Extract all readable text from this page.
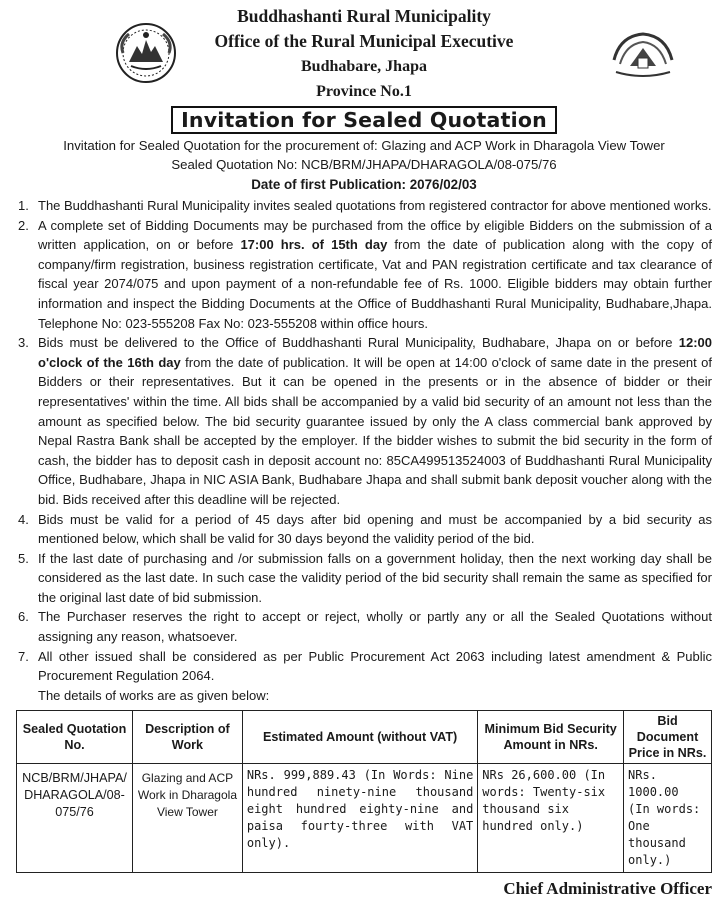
Buddhashanti Rural Municipality
Office of the Rural Municipal Executive
Budhabare, Jhapa
Province No.1
Invitation for Sealed Quotation
Invitation for Sealed Quotation for the procurement of: Glazing and ACP Work in Dharagola View Tower
Sealed Quotation No: NCB/BRM/JHAPA/DHARAGOLA/08-075/76
Date of first Publication: 2076/02/03
1. The Buddhashanti Rural Municipality invites sealed quotations from registered contractor for above mentioned works.
2. A complete set of Bidding Documents may be purchased from the office by eligible Bidders on the submission of a written application, on or before 17:00 hrs. of 15th day from the date of publication along with the copy of company/firm registration, business registration certificate, Vat and PAN registration certificate and tax clearance of fiscal year 2074/075 and upon payment of a non-refundable fee of Rs. 1000. Eligible bidders may obtain further information and inspect the Bidding Documents at the Office of Buddhashanti Rural Municipality, Budhabare,Jhapa. Telephone No: 023-555208 Fax No: 023-555208 within office hours.
3. Bids must be delivered to the Office of Buddhashanti Rural Municipality, Budhabare, Jhapa on or before 12:00 o'clock of the 16th day from the date of publication. It will be open at 14:00 o'clock of same date in the present of Bidders or their representatives. But it can be opened in the presents or in the absence of bidder or their representatives' within the time. All bids shall be accompanied by a valid bid security of an amount not less than the amount as specified below. The bid security guarantee issued by only the A class commercial bank approved by Nepal Rastra Bank shall be accepted by the employer. If the bidder wishes to submit the bid security in the form of cash, the bidder has to deposit cash in deposit account no: 85CA499513524003 of Buddhashanti Rural Municipality Office, Budhabare, Jhapa in NIC ASIA Bank, Budhabare Jhapa and shall submit bank deposit voucher along with the bid. Bids received after this deadline will be rejected.
4. Bids must be valid for a period of 45 days after bid opening and must be accompanied by a bid security as mentioned below, which shall be valid for 30 days beyond the validity period of the bid.
5. If the last date of purchasing and /or submission falls on a government holiday, then the next working day shall be considered as the last date. In such case the validity period of the bid security shall remain the same as specified for the original last date of bid submission.
6. The Purchaser reserves the right to accept or reject, wholly or partly any or all the Sealed Quotations without assigning any reason, whatsoever.
7. All other issued shall be considered as per Public Procurement Act 2063 including latest amendment & Public Procurement Regulation 2064.
The details of works are as given below:
Sealed Quotation No.	Description of Work	Estimated Amount (without VAT)	Minimum Bid Security Amount in NRs.	Bid Document Price in NRs.
NCB/BRM/JHAPA/ DHARAGOLA/08- 075/76	Glazing and ACP Work in Dharagola View Tower	NRs. 999,889.43 (In Words: Nine hundred ninety-nine thousand eight hundred eighty-nine and paisa fourty-three with VAT only).	NRs 26,600.00 (In words: Twenty-six thousand six hundred only.)	NRs. 1000.00 (In words: One thousand only.)
Chief Administrative Officer
